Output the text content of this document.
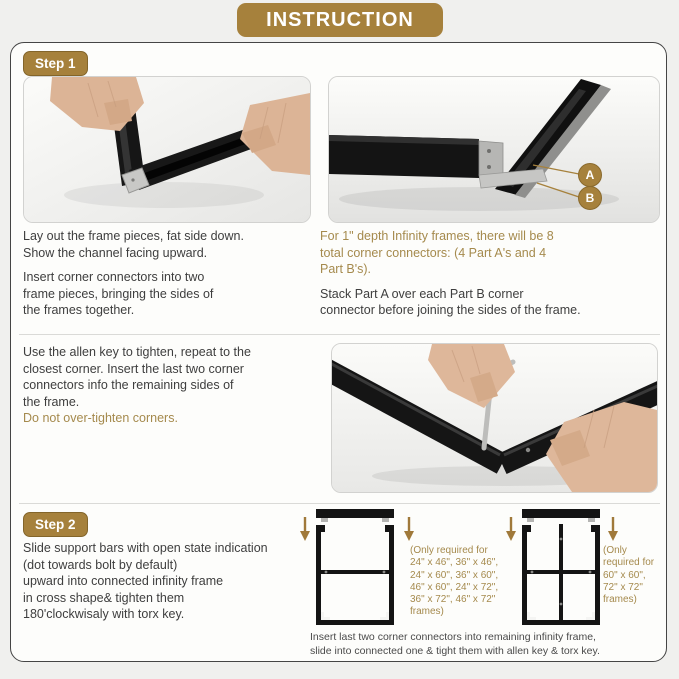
INSTRUCTION
Step 1
A
B
Lay out the frame pieces, fat side down.
Show the channel facing upward.
Insert corner connectors into two
frame pieces, bringing the sides of
the frames together.
For 1" depth Infinity frames, there will be 8
total corner connectors: (4 Part A's and 4
Part B's).
Stack Part A over each Part B corner
connector before joining the sides of the frame.
Use the allen key to tighten, repeat to the
closest corner. Insert the last two corner
connectors info the remaining sides of
the frame.
Do not over-tighten corners.
Step 2
Slide support bars with open state indication
(dot towards bolt by default)
upward into connected infinity frame
in cross shape& tighten them
180'clockwisaly with torx key.
(Only required for
24" x 46", 36" x 46",
24" x 60", 36" x 60",
46" x 60", 24" x 72",
36" x 72", 46" x 72"
frames)
(Only
required for
60" x 60",
72" x 72"
frames)
Insert last two corner connectors into remaining infinity frame,
slide into connected one & tight them with allen key & torx key.
